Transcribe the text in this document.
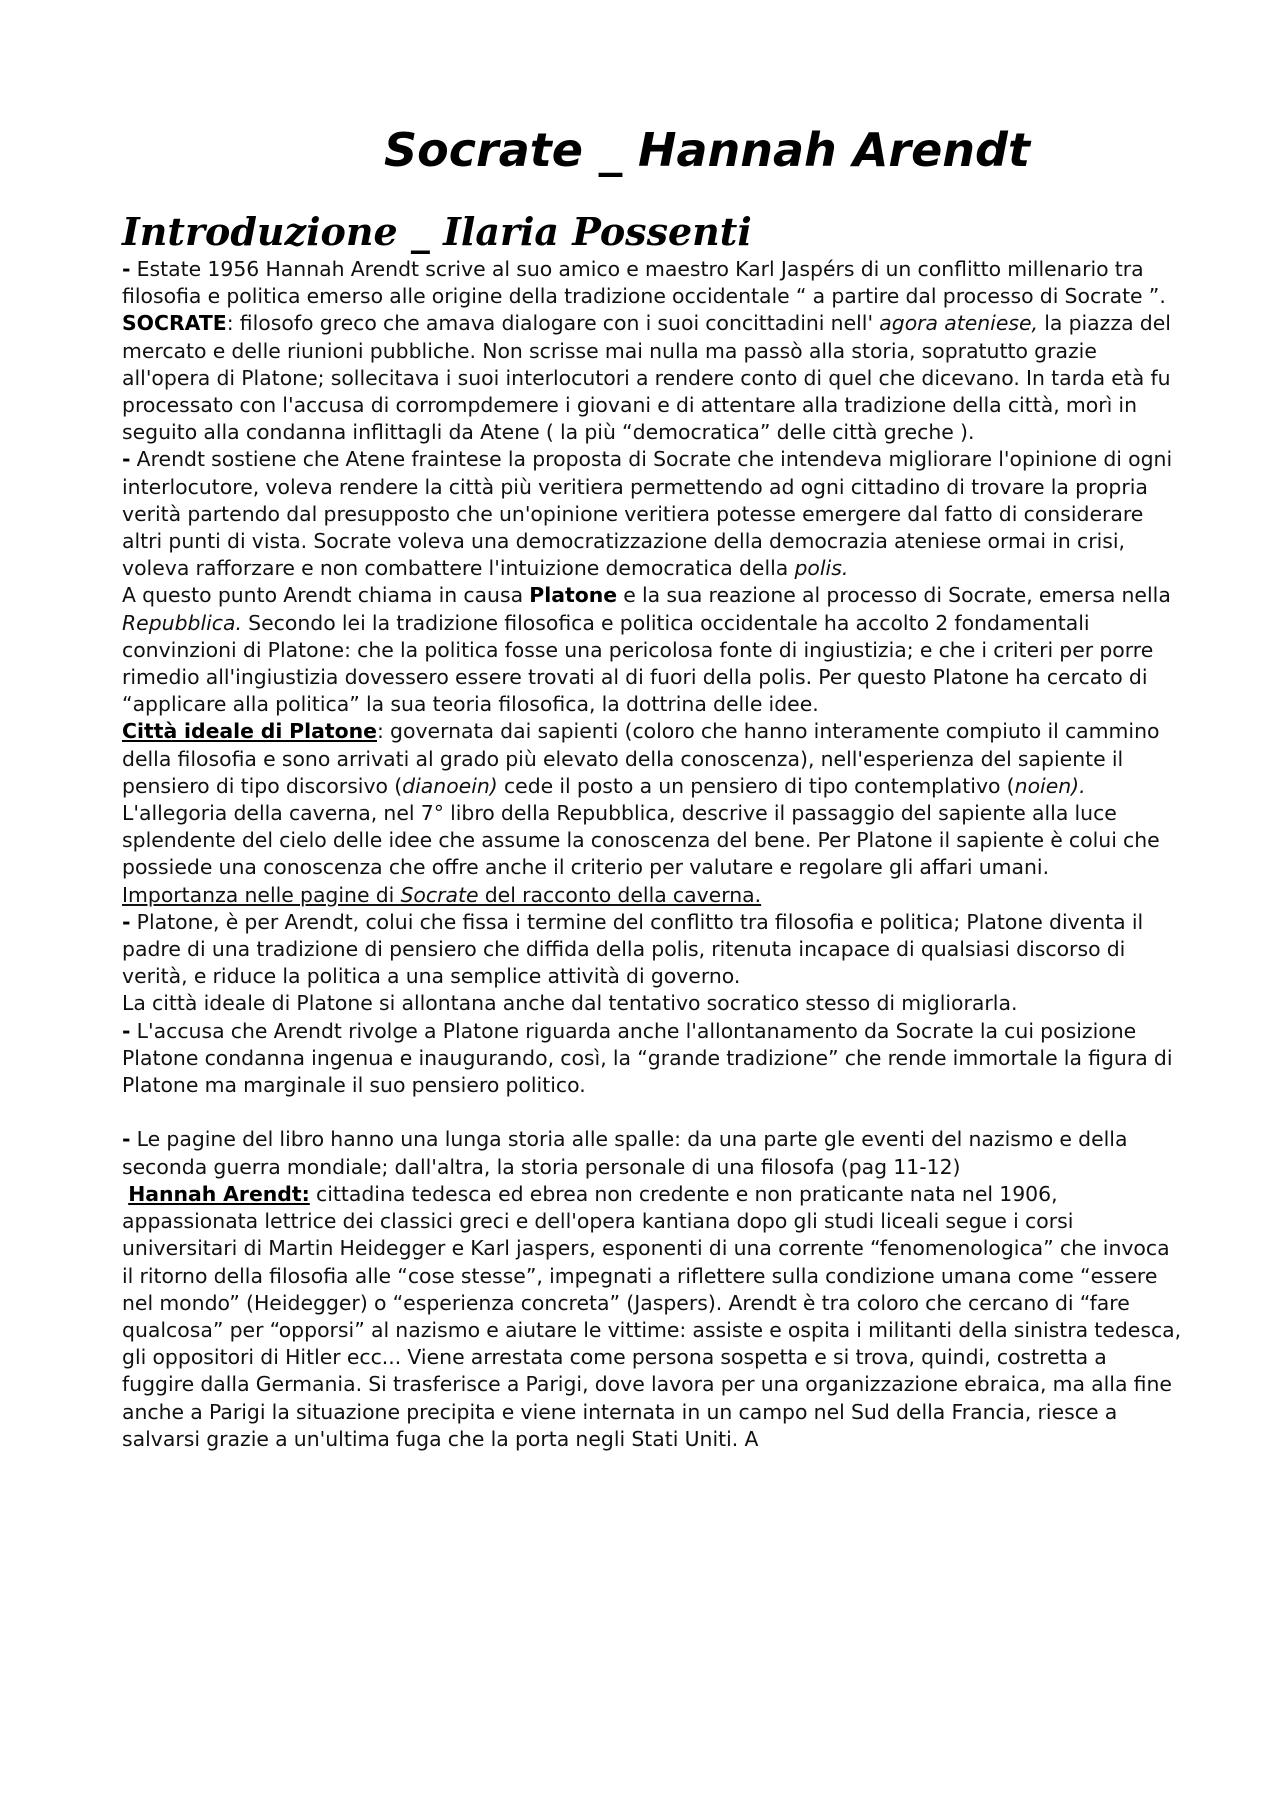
Socrate _ Hannah Arendt
Introduzione _ Ilaria Possenti

- Estate 1956 Hannah Arendt scrive al suo amico e maestro Karl Jaspérs di un conflitto millenario tra filosofia e politica emerso alle origine della tradizione occidentale “ a partire dal processo di Socrate ”.

SOCRATE: filosofo greco che amava dialogare con i suoi concittadini nell' agora ateniese, la piazza del mercato e delle riunioni pubbliche. Non scrisse mai nulla ma passò alla storia, sopratutto grazie all'opera di Platone; sollecitava i suoi interlocutori a rendere conto di quel che dicevano. In tarda età fu processato con l'accusa di corrompdemere i giovani e di attentare alla tradizione della città, morì in seguito alla condanna inflittagli da Atene ( la più “democratica” delle città greche ).

- Arendt sostiene che Atene fraintese la proposta di Socrate che intendeva migliorare l'opinione di ogni interlocutore, voleva rendere la città più veritiera permettendo ad ogni cittadino di trovare la propria verità partendo dal presupposto che un'opinione veritiera potesse emergere dal fatto di considerare altri punti di vista. Socrate voleva una democratizzazione della democrazia ateniese ormai in crisi, voleva rafforzare e non combattere l'intuizione democratica della polis.

A questo punto Arendt chiama in causa Platone e la sua reazione al processo di Socrate, emersa nella Repubblica. Secondo lei la tradizione filosofica e politica occidentale ha accolto 2 fondamentali convinzioni di Platone: che la politica fosse una pericolosa fonte di ingiustizia; e che i criteri per porre rimedio all'ingiustizia dovessero essere trovati al di fuori della polis. Per questo Platone ha cercato di “applicare alla politica” la sua teoria filosofica, la dottrina delle idee.

Città ideale di Platone: governata dai sapienti (coloro che hanno interamente compiuto il cammino della filosofia e sono arrivati al grado più elevato della conoscenza), nell'esperienza del sapiente il pensiero di tipo discorsivo (dianoein) cede il posto a un pensiero di tipo contemplativo (noien). L'allegoria della caverna, nel 7° libro della Repubblica, descrive il passaggio del sapiente alla luce splendente del cielo delle idee che assume la conoscenza del bene. Per Platone il sapiente è colui che possiede una conoscenza che offre anche il criterio per valutare e regolare gli affari umani.

Importanza nelle pagine di Socrate del racconto della caverna.

- Platone, è per Arendt, colui che fissa i termine del conflitto tra filosofia e politica; Platone diventa il padre di una tradizione di pensiero che diffida della polis, ritenuta incapace di qualsiasi discorso di verità, e riduce la politica a una semplice attività di governo.

La città ideale di Platone si allontana anche dal tentativo socratico stesso di migliorarla.

- L'accusa che Arendt rivolge a Platone riguarda anche l'allontanamento da Socrate la cui posizione Platone condanna ingenua e inaugurando, così, la “grande tradizione” che rende immortale la figura di Platone ma marginale il suo pensiero politico.

- Le pagine del libro hanno una lunga storia alle spalle: da una parte gle eventi del nazismo e della seconda guerra mondiale; dall'altra, la storia personale di una filosofa (pag 11-12)

Hannah Arendt: cittadina tedesca ed ebrea non credente e non praticante nata nel 1906, appassionata lettrice dei classici greci e dell'opera kantiana dopo gli studi liceali segue i corsi universitari di Martin Heidegger e Karl jaspers, esponenti di una corrente “fenomenologica” che invoca il ritorno della filosofia alle “cose stesse”, impegnati a riflettere sulla condizione umana come “essere nel mondo” (Heidegger) o “esperienza concreta” (Jaspers). Arendt è tra coloro che cercano di “fare qualcosa” per “opporsi” al nazismo e aiutare le vittime: assiste e ospita i militanti della sinistra tedesca, gli oppositori di Hitler ecc... Viene arrestata come persona sospetta e si trova, quindi, costretta a fuggire dalla Germania. Si trasferisce a Parigi, dove lavora per una organizzazione ebraica, ma alla fine anche a Parigi la situazione precipita e viene internata in un campo nel Sud della Francia, riesce a salvarsi grazie a un'ultima fuga che la porta negli Stati Uniti. A
